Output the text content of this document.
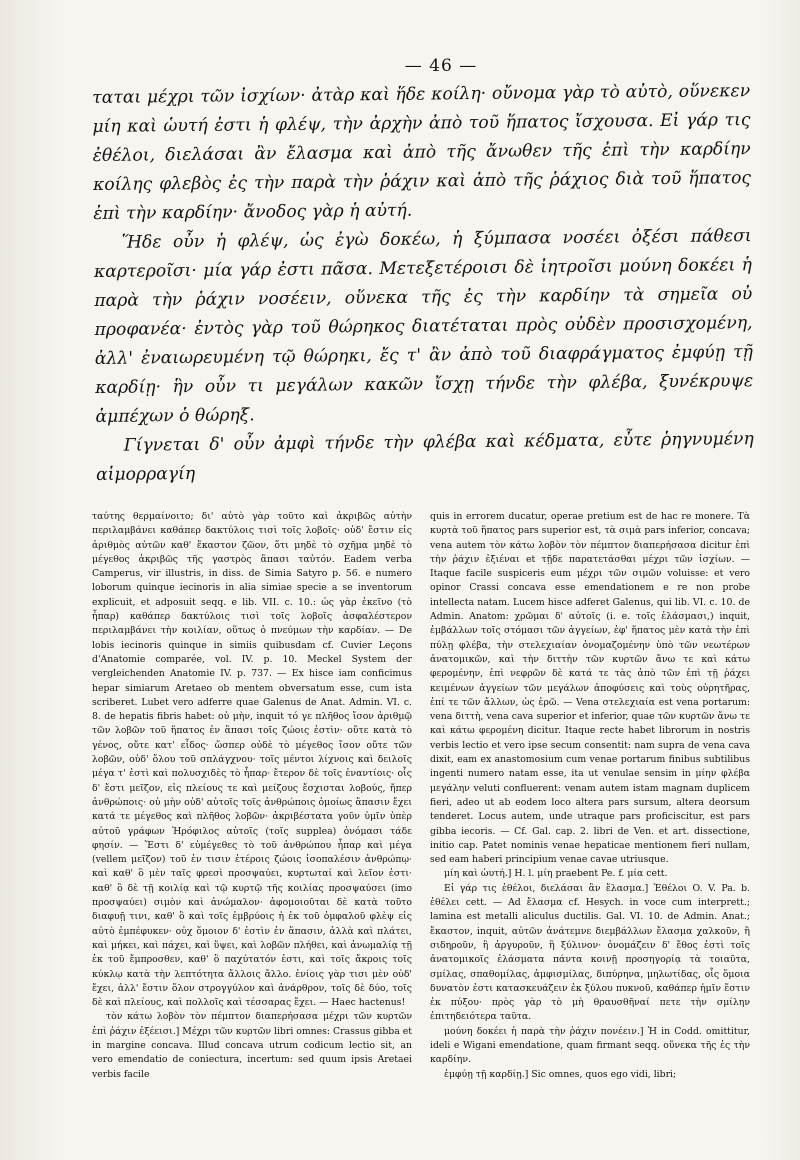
— 46 —

ταται μέχρι τῶν ἰσχίων· ἀτὰρ καὶ ἥδε κοίλη· οὔνομα γὰρ τὸ αὐτὸ, οὕνεκεν μίη καὶ ὡυτή ἐστι ἡ φλέψ, τὴν ἀρχὴν ἀπὸ τοῦ ἥπατος ἴσχουσα. Εἰ γάρ τις ἐθέλοι, διελάσαι ἂν ἔλασμα καὶ ἀπὸ τῆς ἄνωθεν τῆς ἐπὶ τὴν καρδίην κοίλης φλεβὸς ἐς τὴν παρὰ τὴν ῥάχιν καὶ ἀπὸ τῆς ῥάχιος διὰ τοῦ ἥπατος ἐπὶ τὴν καρδίην· ἄνοδος γὰρ ἡ αὐτή.

Ἥδε οὖν ἡ φλέψ, ὡς ἐγὼ δοκέω, ἡ ξύμπασα νοσέει ὀξέσι πάθεσι καρτεροῖσι· μία γάρ ἐστι πᾶσα. Μετεξετέροισι δὲ ἰητροῖσι μούνη δοκέει ἡ παρὰ τὴν ῥάχιν νοσέειν, οὕνεκα τῆς ἐς τὴν καρδίην τὰ σημεῖα οὐ προφανέα· ἐντὸς γὰρ τοῦ θώρηκος διατέταται πρὸς οὐδὲν προσισχομένη, ἀλλ' ἐναιωρευμένη τῷ θώρηκι, ἔς τ' ἂν ἀπὸ τοῦ διαφράγματος ἐμφύῃ τῇ καρδίῃ· ἣν οὖν τι μεγάλων κακῶν ἴσχῃ τήνδε τὴν φλέβα, ξυνέκρυψε ἀμπέχων ὁ θώρηξ.

Γίγνεται δ' οὖν ἀμφὶ τήνδε τὴν φλέβα καὶ κέδματα, εὖτε ῥηγνυμένη αἱμορραγίη

ταύτης θερμαίνοιτο; δι' αὐτὸ γὰρ τοῦτο καὶ ἀκριβῶς αὐτὴν περιλαμβάνει καθάπερ δακτύλοις τισὶ τοῖς λοβοῖς· οὐδ' ἔστιν εἰς ἀριθμὸς αὐτῶν καθ' ἕκαστον ζῶον, ὅτι μηδὲ τὸ σχῆμα μηδὲ τὸ μέγεθος ἀκριβῶς τῆς γαστρὸς ἅπασι ταὐτόν. Eadem verba Camperus, vir illustris, in diss. de Simia Satyro p. 56. e numero loborum quinque iecinoris in alia simiae specie a se inventorum explicuit, et adposuit seqq. e lib. VII. c. 10.: ὡς γὰρ ἐκεῖνο (τὸ ἧπαρ) καθάπερ δακτύλοις τισὶ τοῖς λοβοῖς ἀσφαλέστερον περιλαμβάνει τὴν κοιλίαν, οὕτως ὁ πνεύμων τὴν καρδίαν. — De lobis iecinoris quinque in simiis quibusdam cf. Cuvier Leçons d'Anatomie comparée, vol. IV. p. 10. Meckel System der vergleichenden Anatomie IV. p. 737. — Ex hisce iam conficimus hepar simiarum Aretaeo ob mentem obversatum esse, cum ista scriberet. Lubet vero adferre quae Galenus de Anat. Admin. VI. c. 8. de hepatis fibris habet: οὐ μὴν, inquit τό γε πλῆθος ἴσον ἀριθμῷ τῶν λοβῶν τοῦ ἥπατος ἐν ἅπασι τοῖς ζώοις ἐστὶν· οὔτε κατὰ τὸ γένος, οὔτε κατ' εἶδος· ὥσπερ οὐδὲ τὸ μέγεθος ἴσον οὔτε τῶν λοβῶν, οὐδ' ὅλου τοῦ σπλάγχνου· τοῖς μέντοι λίχνοις καὶ δειλοῖς μέγα τ' ἐστὶ καὶ πολυσχιδὲς τὸ ἧπαρ· ἔτερον δὲ τοῖς ἐναντίοις· οἷς δ' ἔστι μεῖζον, εἰς πλείους τε καὶ μείζους ἔσχισται λοβούς, ἤπερ ἀνθρώποις· οὐ μὴν οὐδ' αὐτοῖς τοῖς ἀνθρώποις ὁμοίως ἅπασιν ἔχει κατά τε μέγεθος καὶ πλῆθος λοβῶν· ἀκριβέστατα γοῦν ὑμῖν ὑπὲρ αὐτοῦ γράφων Ἡρόφιλος αὐτοῖς (τοῖς supplea) ὀνόμασι τάδε φησίν. — Ἔστι δ' εὐμέγεθες τὸ τοῦ ἀνθρώπου ἧπαρ καὶ μέγα (vellem μεῖζον) τοῦ ἐν τισιν ἑτέροις ζώοις ἰσοπαλέσιν ἀνθρώπῳ· καὶ καθ' ὃ μὲν ταῖς φρεσὶ προσψαύει, κυρτωταί καὶ λεῖον ἐστι· καθ' ὃ δὲ τῇ κοιλίᾳ καὶ τῷ κυρτῷ τῆς κοιλίας προσψαύσει (imo προσψαύει) σιμὸν καὶ ἀνώμαλον· ἀφομοιοῦται δὲ κατὰ τοῦτο διαφυῇ τινι, καθ' ὃ καὶ τοῖς ἐμβρύοις ἡ ἐκ τοῦ ὀμφαλοῦ φλὲψ εἰς αὐτὸ ἐμπέφυκεν· οὐχ ὅμοιον δ' ἐστὶν ἐν ἅπασιν, ἀλλὰ καὶ πλάτει, καὶ μήκει, καὶ πάχει, καὶ ὕψει, καὶ λοβῶν πλήθει, καὶ ἀνωμαλίᾳ τῇ ἐκ τοῦ ἔμπροσθεν, καθ' ὃ παχύτατόν ἐστι, καὶ τοῖς ἄκροις τοῖς κύκλῳ κατὰ τὴν λεπτότητα ἄλλοις ἄλλο. ἐνίοις γὰρ τισι μὲν οὐδ' ἔχει, ἀλλ' ἔστιν ὅλον στρογγύλον καὶ ἀνάρθρον, τοῖς δὲ δύο, τοῖς δὲ καὶ πλείους, καὶ πολλοῖς καὶ τέσσαρας ἔχει. — Haec hactenus!

τὸν κάτω λοβὸν τὸν πέμπτον διαπερήσασα μέχρι τῶν κυρτῶν ἐπὶ ῥάχιν ἐξέεισι.] Μέχρι τῶν κυρτῶν libri omnes: Crassus gibba et in margine concava. Illud concava utrum codicum lectio sit, an vero emendatio de coniectura, incertum: sed quum ipsis Aretaei verbis facile

quis in errorem ducatur, operae pretium est de hac re monere. Τὰ κυρτὰ τοῦ ἥπατος pars superior est, τὰ σιμὰ pars inferior, concava; vena autem τὸν κάτω λοβὸν τὸν πέμπτον διαπερήσασα dicitur ἐπὶ τὴν ῥάχιν ἐξιέναι et τῇδε παρατετάσθαι μέχρι τῶν ἰσχίων. — Itaque facile suspiceris eum μέχρι τῶν σιμῶν voluisse: et vero opinor Crassi concava esse emendationem e re non probe intellecta natam. Lucem hisce adferet Galenus, qui lib. VI. c. 10. de Admin. Anatom: χρῶμαι δ' αὐτοῖς (i. e. τοῖς ἐλάσμασι,) inquit, ἐμβάλλων τοῖς στόμασι τῶν ἀγγείων, ἐφ' ἥπατος μὲν κατὰ τὴν ἐπὶ πύλῃ φλέβα, τὴν στελεχιαίαν ὀνομαζομένην ὑπὸ τῶν νεωτέρων ἀνατομικῶν, καὶ τὴν διττὴν τῶν κυρτῶν ἄνω τε καὶ κάτω φερομένην, ἐπὶ νεφρῶν δὲ κατά τε τὰς ἀπὸ τῶν ἐπὶ τῇ ῥάχει κειμένων ἀγγείων τῶν μεγάλων ἀποφύσεις καὶ τοὺς οὐρητῆρας, ἐπί τε τῶν ἄλλων, ὡς ἐρῶ. — Vena στελεχιαία est vena portarum: vena διττὴ, vena cava superior et inferior, quae τῶν κυρτῶν ἄνω τε καὶ κάτω φερομένη dicitur. Itaque recte habet librorum in nostris verbis lectio et vero ipse secum consentit: nam supra de vena cava dixit, eam ex anastomosium cum venae portarum finibus subtilibus ingenti numero natam esse, ita ut venulae sensim in μίην φλέβα μεγάλην veluti confluerent: venam autem istam magnam duplicem fieri, adeo ut ab eodem loco altera pars sursum, altera deorsum tenderet. Locus autem, unde utraque pars proficiscitur, est pars gibba iecoris. — Cf. Gal. cap. 2. libri de Ven. et art. dissectione, initio cap. Patet nominis venae hepaticae mentionem fieri nullam, sed eam haberi principium venae cavae utriusque.

μίη καὶ ὡυτή.] H. l. μίη praebent Pe. f. μία cett.

Εἰ γάρ τις ἐθέλοι, διελάσαι ἂν ἔλασμα.] Ἐθέλοι O. V. Pa. b. ἐθέλει cett. — Ad ἔλασμα cf. Hesych. in voce cum interprett.; lamina est metalli aliculus ductilis. Gal. VI. 10. de Admin. Anat.; ἔκαστον, inquit, αὐτῶν ἀνάτεμνε διεμβάλλων ἔλασμα χαλκοῦν, ἢ σιδηροῦν, ἢ ἀργυροῦν, ἢ ξύλινον· ὀνομάζειν δ' ἔθος ἐστὶ τοῖς ἀνατομικοῖς ἐλάσματα πάντα κοινῇ προσηγορίᾳ τὰ τοιαῦτα, σμίλας, σπαθομίλας, ἀμφισμίλας, διπύρηνα, μηλωτίδας, οἷς ὅμοια δυνατὸν ἐστι κατασκευάζειν ἐκ ξύλου πυκνοῦ, καθάπερ ἡμῖν ἔστιν ἐκ πύξου· πρὸς γὰρ τὸ μὴ θραυσθῆναί πετε τὴν σμίλην ἐπιτηδειότερα ταῦτα.

μούνη δοκέει ἡ παρὰ τὴν ῥάχιν πονέειν.] Ἡ in Codd. omittitur, ideli e Wigani emendatione, quam firmant seqq. οὕνεκα τῆς ἐς τὴν καρδίην.

ἐμφύῃ τῇ καρδίῃ.] Sic omnes, quos ego vidi, libri;
